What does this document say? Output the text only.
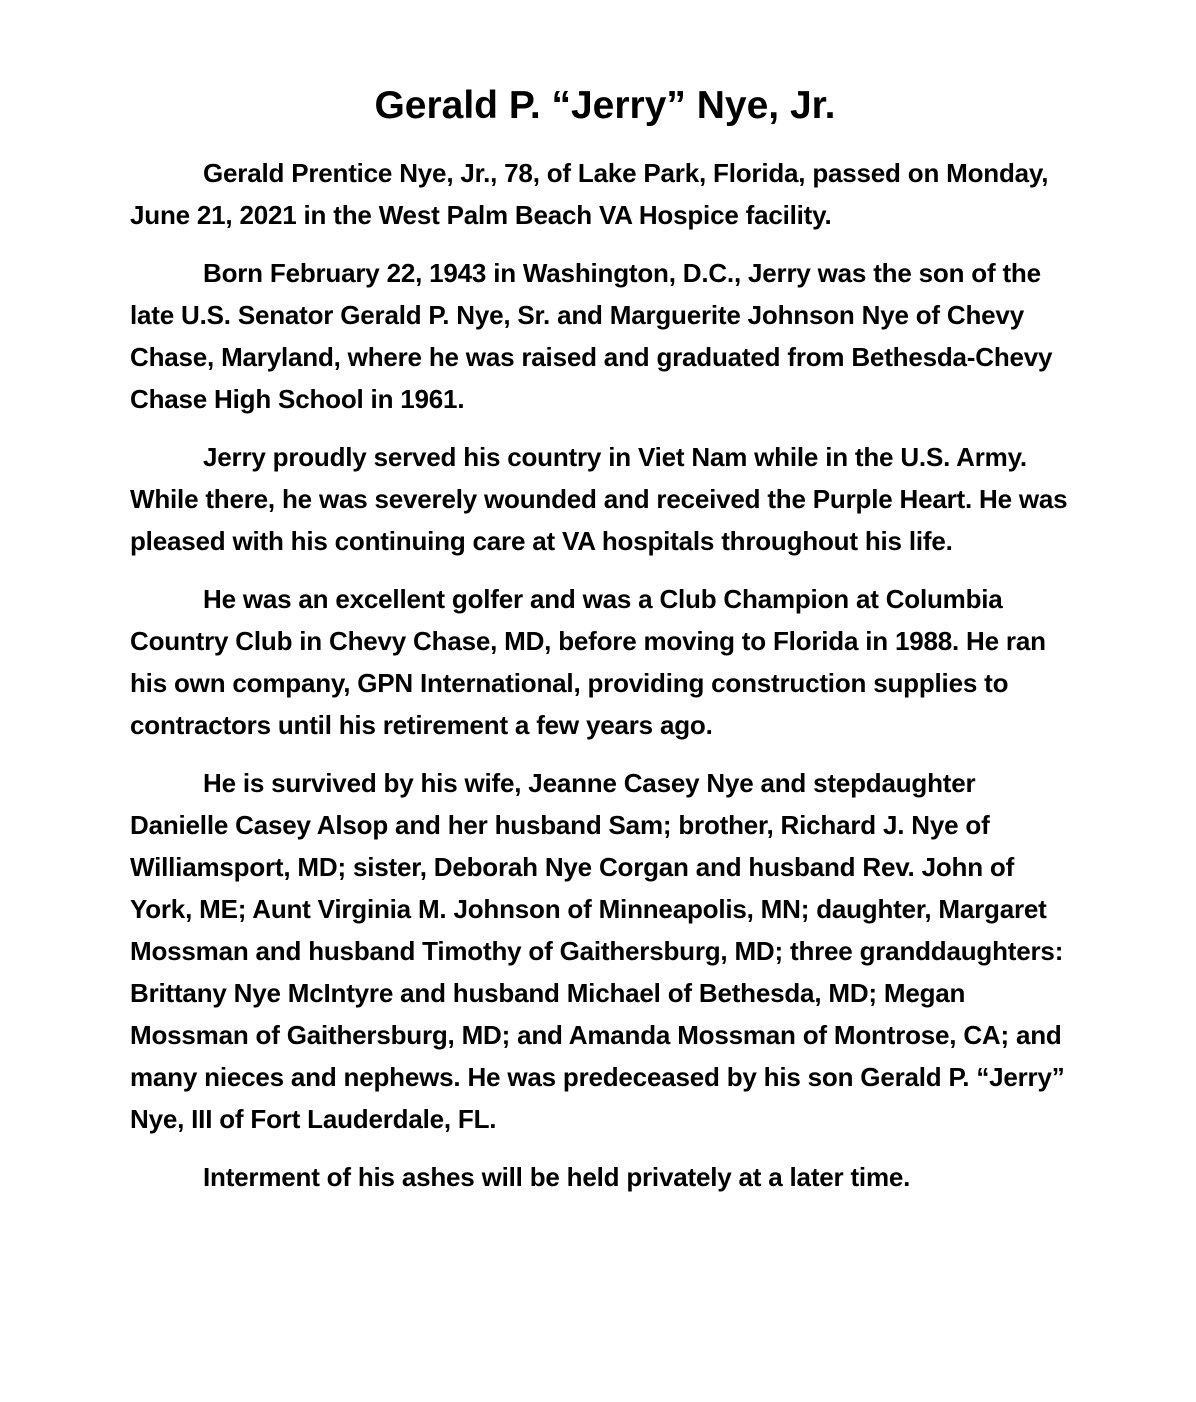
Gerald P. “Jerry” Nye, Jr.

Gerald Prentice Nye, Jr., 78, of Lake Park, Florida, passed on Monday, June 21, 2021 in the West Palm Beach VA Hospice facility.

Born February 22, 1943 in Washington, D.C., Jerry was the son of the late U.S. Senator Gerald P. Nye, Sr. and Marguerite Johnson Nye of Chevy Chase, Maryland, where he was raised and graduated from Bethesda-Chevy Chase High School in 1961.

Jerry proudly served his country in Viet Nam while in the U.S. Army. While there, he was severely wounded and received the Purple Heart. He was pleased with his continuing care at VA hospitals throughout his life.

He was an excellent golfer and was a Club Champion at Columbia Country Club in Chevy Chase, MD, before moving to Florida in 1988. He ran his own company, GPN International, providing construction supplies to contractors until his retirement a few years ago.

He is survived by his wife, Jeanne Casey Nye and stepdaughter Danielle Casey Alsop and her husband Sam; brother, Richard J. Nye of Williamsport, MD; sister, Deborah Nye Corgan and husband Rev. John of York, ME; Aunt Virginia M. Johnson of Minneapolis, MN; daughter, Margaret Mossman and husband Timothy of Gaithersburg, MD; three granddaughters: Brittany Nye McIntyre and husband Michael of Bethesda, MD; Megan Mossman of Gaithersburg, MD; and Amanda Mossman of Montrose, CA; and many nieces and nephews. He was predeceased by his son Gerald P. “Jerry” Nye, III of Fort Lauderdale, FL.

Interment of his ashes will be held privately at a later time.
